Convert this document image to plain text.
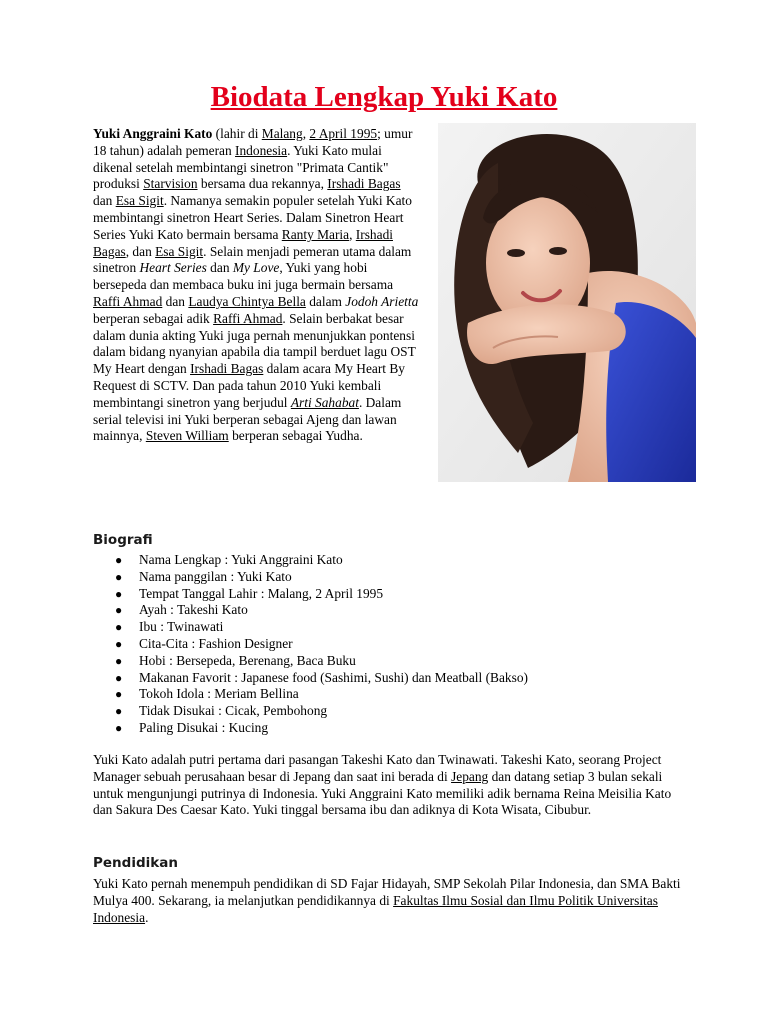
Biodata Lengkap Yuki Kato

Yuki Anggraini Kato (lahir di Malang, 2 April 1995; umur 18 tahun) adalah pemeran Indonesia. Yuki Kato mulai dikenal setelah membintangi sinetron "Primata Cantik" produksi Starvision bersama dua rekannya, Irshadi Bagas dan Esa Sigit. Namanya semakin populer setelah Yuki Kato membintangi sinetron Heart Series. Dalam Sinetron Heart Series Yuki Kato bermain bersama Ranty Maria, Irshadi Bagas, dan Esa Sigit. Selain menjadi pemeran utama dalam sinetron Heart Series dan My Love, Yuki yang hobi bersepeda dan membaca buku ini juga bermain bersama Raffi Ahmad dan Laudya Chintya Bella dalam Jodoh Arietta berperan sebagai adik Raffi Ahmad. Selain berbakat besar dalam dunia akting Yuki juga pernah menunjukkan pontensi dalam bidang nyanyian apabila dia tampil berduet lagu OST My Heart dengan Irshadi Bagas dalam acara My Heart By Request di SCTV. Dan pada tahun 2010 Yuki kembali membintangi sinetron yang berjudul Arti Sahabat. Dalam serial televisi ini Yuki berperan sebagai Ajeng dan lawan mainnya, Steven William berperan sebagai Yudha.

Biografi
● Nama Lengkap : Yuki Anggraini Kato
● Nama panggilan : Yuki Kato
● Tempat Tanggal Lahir : Malang, 2 April 1995
● Ayah : Takeshi Kato
● Ibu : Twinawati
● Cita-Cita : Fashion Designer
● Hobi : Bersepeda, Berenang, Baca Buku
● Makanan Favorit : Japanese food (Sashimi, Sushi) dan Meatball (Bakso)
● Tokoh Idola : Meriam Bellina
● Tidak Disukai : Cicak, Pembohong
● Paling Disukai : Kucing

Yuki Kato adalah putri pertama dari pasangan Takeshi Kato dan Twinawati. Takeshi Kato, seorang Project Manager sebuah perusahaan besar di Jepang dan saat ini berada di Jepang dan datang setiap 3 bulan sekali untuk mengunjungi putrinya di Indonesia. Yuki Anggraini Kato memiliki adik bernama Reina Meisilia Kato dan Sakura Des Caesar Kato. Yuki tinggal bersama ibu dan adiknya di Kota Wisata, Cibubur.

Pendidikan

Yuki Kato pernah menempuh pendidikan di SD Fajar Hidayah, SMP Sekolah Pilar Indonesia, dan SMA Bakti Mulya 400. Sekarang, ia melanjutkan pendidikannya di Fakultas Ilmu Sosial dan Ilmu Politik Universitas Indonesia.
